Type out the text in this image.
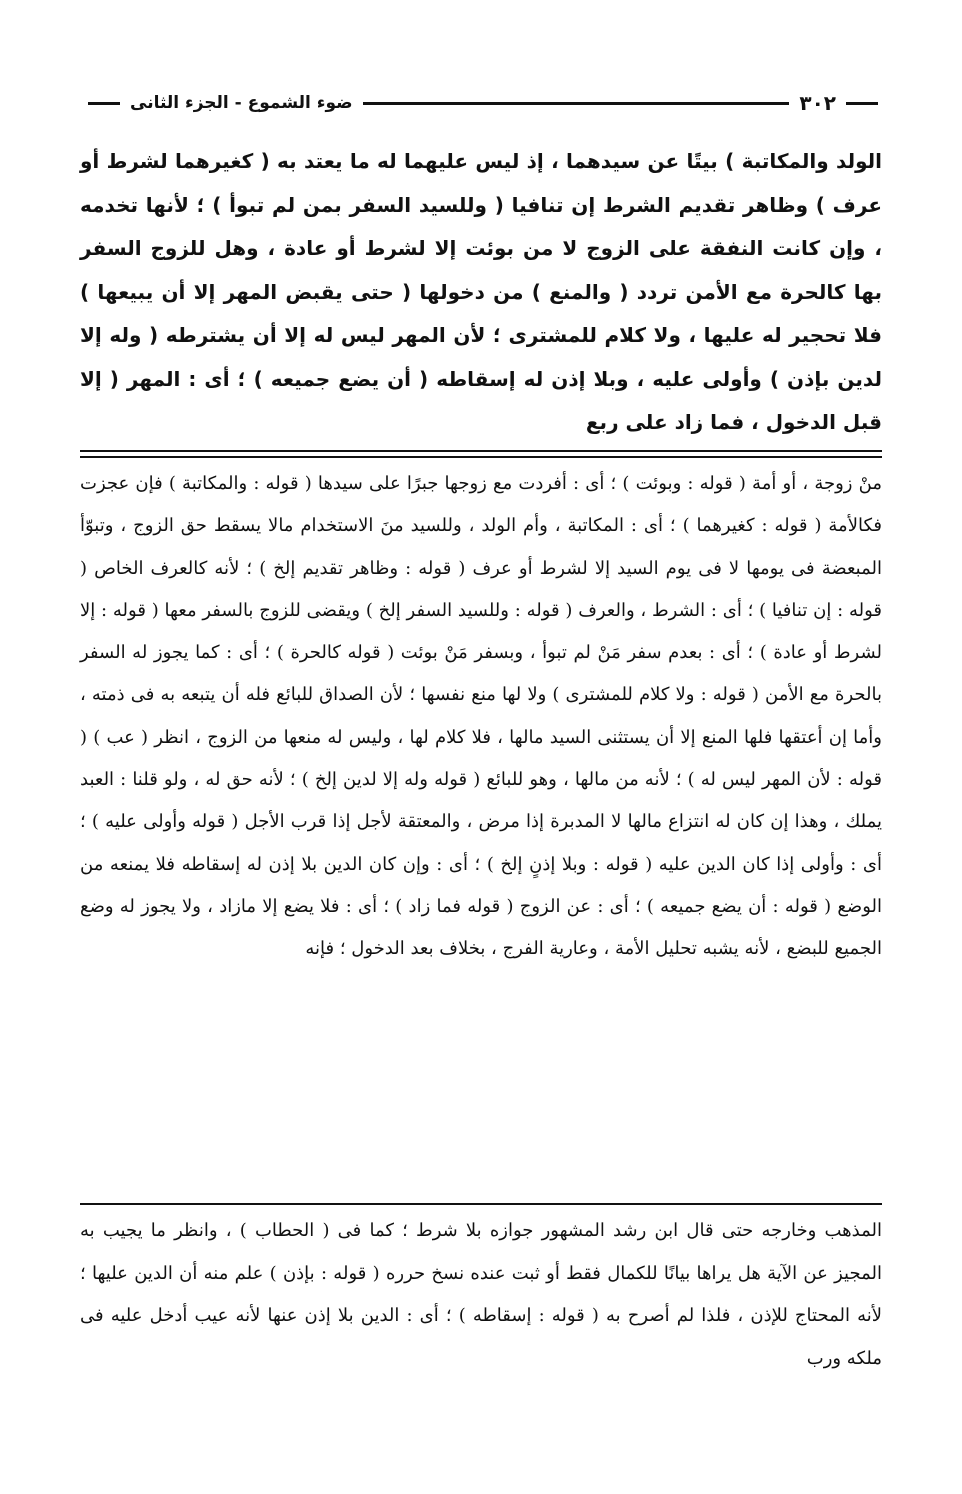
٣٠٢
ضوء الشموع - الجزء الثانى

الولد والمكاتبة ) بيتًا عن سيدهما ، إذ ليس عليهما له ما يعتد به ( كغيرهما لشرط أو عرف ) وظاهر تقديم الشرط إن تنافيا ( وللسيد السفر بمن لم تبوأ ) ؛ لأنها تخدمه ، وإن كانت النفقة على الزوج لا من بوئت إلا لشرط أو عادة ، وهل للزوج السفر بها كالحرة مع الأمن تردد ( والمنع ) من دخولها ( حتى يقبض المهر إلا أن يبيعها ) فلا تحجير له عليها ، ولا كلام للمشترى ؛ لأن المهر ليس له إلا أن يشترطه ( وله إلا لدين بإذن ) وأولى عليه ، وبلا إذن له إسقاطه ( أن يضع جميعه ) ؛ أى : المهر ( إلا قبل الدخول ، فما زاد على ربع

منْ زوجة ، أو أمة ( قوله : وبوئت ) ؛ أى : أفردت مع زوجها جبرًا على سيدها ( قوله : والمكاتبة ) فإن عجزت فكالأمة ( قوله : كغيرهما ) ؛ أى : المكاتبة ، وأم الولد ، وللسيد منَ الاستخدام مالا يسقط حق الزوج ، وتبوّأ المبعضة فى يومها لا فى يوم السيد إلا لشرط أو عرف ( قوله : وظاهر تقديم إلخ ) ؛ لأنه كالعرف الخاص ( قوله : إن تنافيا ) ؛ أى : الشرط ، والعرف ( قوله : وللسيد السفر إلخ ) ويقضى للزوج بالسفر معها ( قوله : إلا لشرط أو عادة ) ؛ أى : بعدم سفر مَنْ لم تبوأ ، وبسفر مَنْ بوئت ( قوله كالحرة ) ؛ أى : كما يجوز له السفر بالحرة مع الأمن ( قوله : ولا كلام للمشترى ) ولا لها منع نفسها ؛ لأن الصداق للبائع فله أن يتبعه به فى ذمته ، وأما إن أعتقها فلها المنع إلا أن يستثنى السيد مالها ، فلا كلام لها ، وليس له منعها من الزوج ، انظر ( عب ) ( قوله : لأن المهر ليس له ) ؛ لأنه من مالها ، وهو للبائع ( قوله وله إلا لدين إلخ ) ؛ لأنه حق له ، ولو قلنا : العبد يملك ، وهذا إن كان له انتزاع مالها لا المدبرة إذا مرض ، والمعتقة لأجل إذا قرب الأجل ( قوله وأولى عليه ) ؛ أى : وأولى إذا كان الدين عليه ( قوله : وبلا إذنٍ إلخ ) ؛ أى : وإن كان الدين بلا إذن له إسقاطه فلا يمنعه من الوضع ( قوله : أن يضع جميعه ) ؛ أى : عن الزوج ( قوله فما زاد ) ؛ أى : فلا يضع إلا مازاد ، ولا يجوز له وضع الجميع للبضع ، لأنه يشبه تحليل الأمة ، وعارية الفرج ، بخلاف بعد الدخول ؛ فإنه

المذهب وخارجه حتى قال ابن رشد المشهور جوازه بلا شرط ؛ كما فى ( الحطاب ) ، وانظر ما يجيب به المجيز عن الآية هل يراها بيانًا للكمال فقط أو ثبت عنده نسخ حرره ( قوله : بإذن ) علم منه أن الدين عليها ؛ لأنه المحتاج للإذن ، فلذا لم أصرح به ( قوله : إسقاطه ) ؛ أى : الدين بلا إذن عنها لأنه عيب أدخل عليه فى ملكه ورب
